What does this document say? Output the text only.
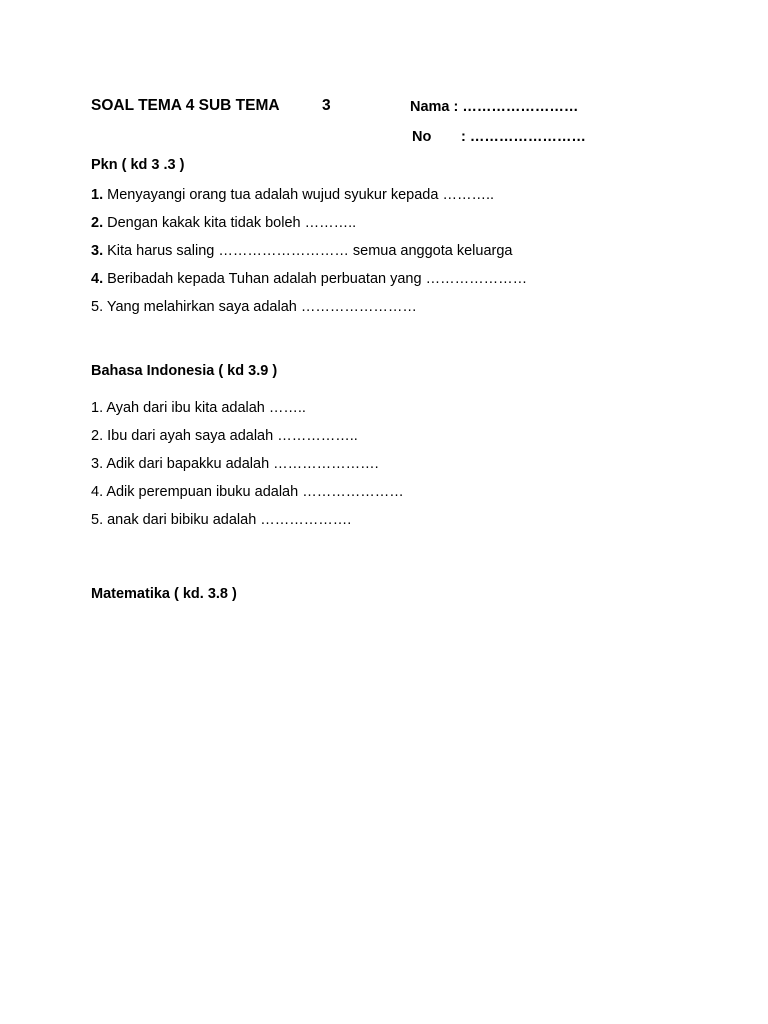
SOAL TEMA 4 SUB TEMA	3	Nama : ……………………
No : ……………………
Pkn ( kd 3 .3 )
1. Menyayangi orang tua adalah wujud syukur kepada ………..
2. Dengan kakak kita tidak boleh ………..
3. Kita harus saling ……………………… semua anggota keluarga
4. Beribadah kepada Tuhan adalah perbuatan yang …………………
5. Yang melahirkan saya adalah ……………………
Bahasa Indonesia ( kd 3.9 )
1. Ayah dari ibu kita adalah ……..
2. Ibu dari ayah saya adalah ……………..
3. Adik dari bapakku adalah ………………….
4. Adik perempuan ibuku adalah …………………
5. anak dari bibiku adalah ……………….
Matematika ( kd. 3.8 )
